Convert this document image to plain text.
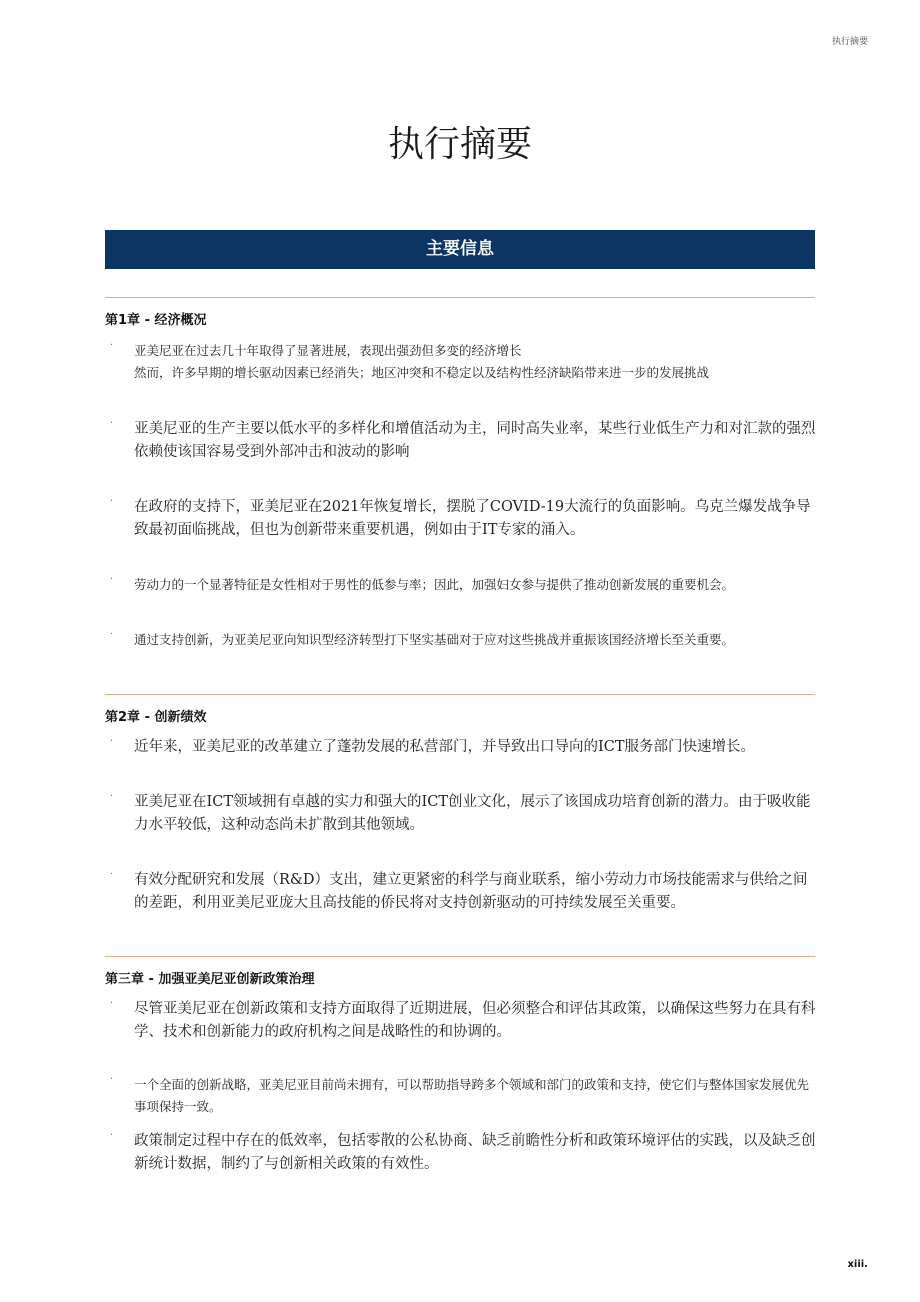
执行摘要
执行摘要
主要信息
第1章 - 经济概况
· 亚美尼亚在过去几十年取得了显著进展，表现出强劲但多变的经济增长
然而，许多早期的增长驱动因素已经消失；地区冲突和不稳定以及结构性经济缺陷带来进一步的发展挑战
· 亚美尼亚的生产主要以低水平的多样化和增值活动为主，同时高失业率，某些行业低生产力和对汇款的强烈依赖使该国容易受到外部冲击和波动的影响
· 在政府的支持下，亚美尼亚在2021年恢复增长，摆脱了COVID-19大流行的负面影响。乌克兰爆发战争导致最初面临挑战，但也为创新带来重要机遇，例如由于IT专家的涌入。
· 劳动力的一个显著特征是女性相对于男性的低参与率；因此，加强妇女参与提供了推动创新发展的重要机会。
· 通过支持创新，为亚美尼亚向知识型经济转型打下坚实基础对于应对这些挑战并重振该国经济增长至关重要。
第2章 - 创新绩效
· 近年来，亚美尼亚的改革建立了蓬勃发展的私营部门，并导致出口导向的ICT服务部门快速增长。
· 亚美尼亚在ICT领域拥有卓越的实力和强大的ICT创业文化，展示了该国成功培育创新的潜力。由于吸收能力水平较低，这种动态尚未扩散到其他领域。
· 有效分配研究和发展（R&D）支出，建立更紧密的科学与商业联系，缩小劳动力市场技能需求与供给之间的差距，利用亚美尼亚庞大且高技能的侨民将对支持创新驱动的可持续发展至关重要。
第三章 - 加强亚美尼亚创新政策治理
· 尽管亚美尼亚在创新政策和支持方面取得了近期进展，但必须整合和评估其政策，以确保这些努力在具有科学、技术和创新能力的政府机构之间是战略性的和协调的。
· 一个全面的创新战略，亚美尼亚目前尚未拥有，可以帮助指导跨多个领域和部门的政策和支持，使它们与整体国家发展优先事项保持一致。
· 政策制定过程中存在的低效率，包括零散的公私协商、缺乏前瞻性分析和政策环境评估的实践，以及缺乏创新统计数据，制约了与创新相关政策的有效性。
xiii.
